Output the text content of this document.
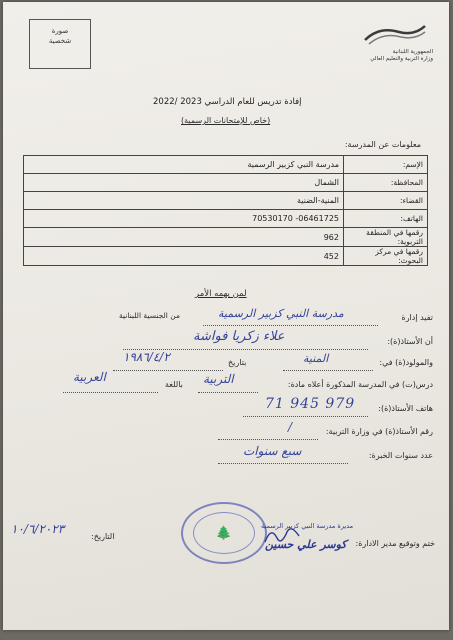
صورة
شخصية
الجمهورية اللبنانية
وزارة التربية والتعليم العالي
إفادة تدريس للعام الدراسي 2023 /2022
(خاص للإمتحانات الرسمية)
معلومات عن المدرسة:
الإسم:	مدرسة النبي كزبير الرسمية
المحافظة:	الشمال
القضاء:	المنية-الضنية
الهاتف:	06461725- 70530170
رقمها في المنطقة التربوية:	962
رقمها في مركز البحوث:	452
لمن يهمه الأمر
تفيد إدارة
مدرسة النبي كزبير الرسمية
من الجنسية اللبنانية
أن الأستاذ(ة):
علاء زكريا فواشة
والمولود(ة) في:
المنية
بتاريخ
١٩٨٦/٤/٢
درس(ت) في المدرسة المذكورة أعلاه مادة:
التربية
باللغة
العربية
هاتف الأستاذ(ة):
71 945 979
رقم الأستاذ(ة) في وزارة التربية:
/
عدد سنوات الخبرة:
سبع سنوات
التاريخ:
١٠/٦/٢٠٢٣	🌲	مديرة مدرسة النبي كزبير الرسمية
كوسر علي حسين ختم وتوقيع مدير الادارة:
